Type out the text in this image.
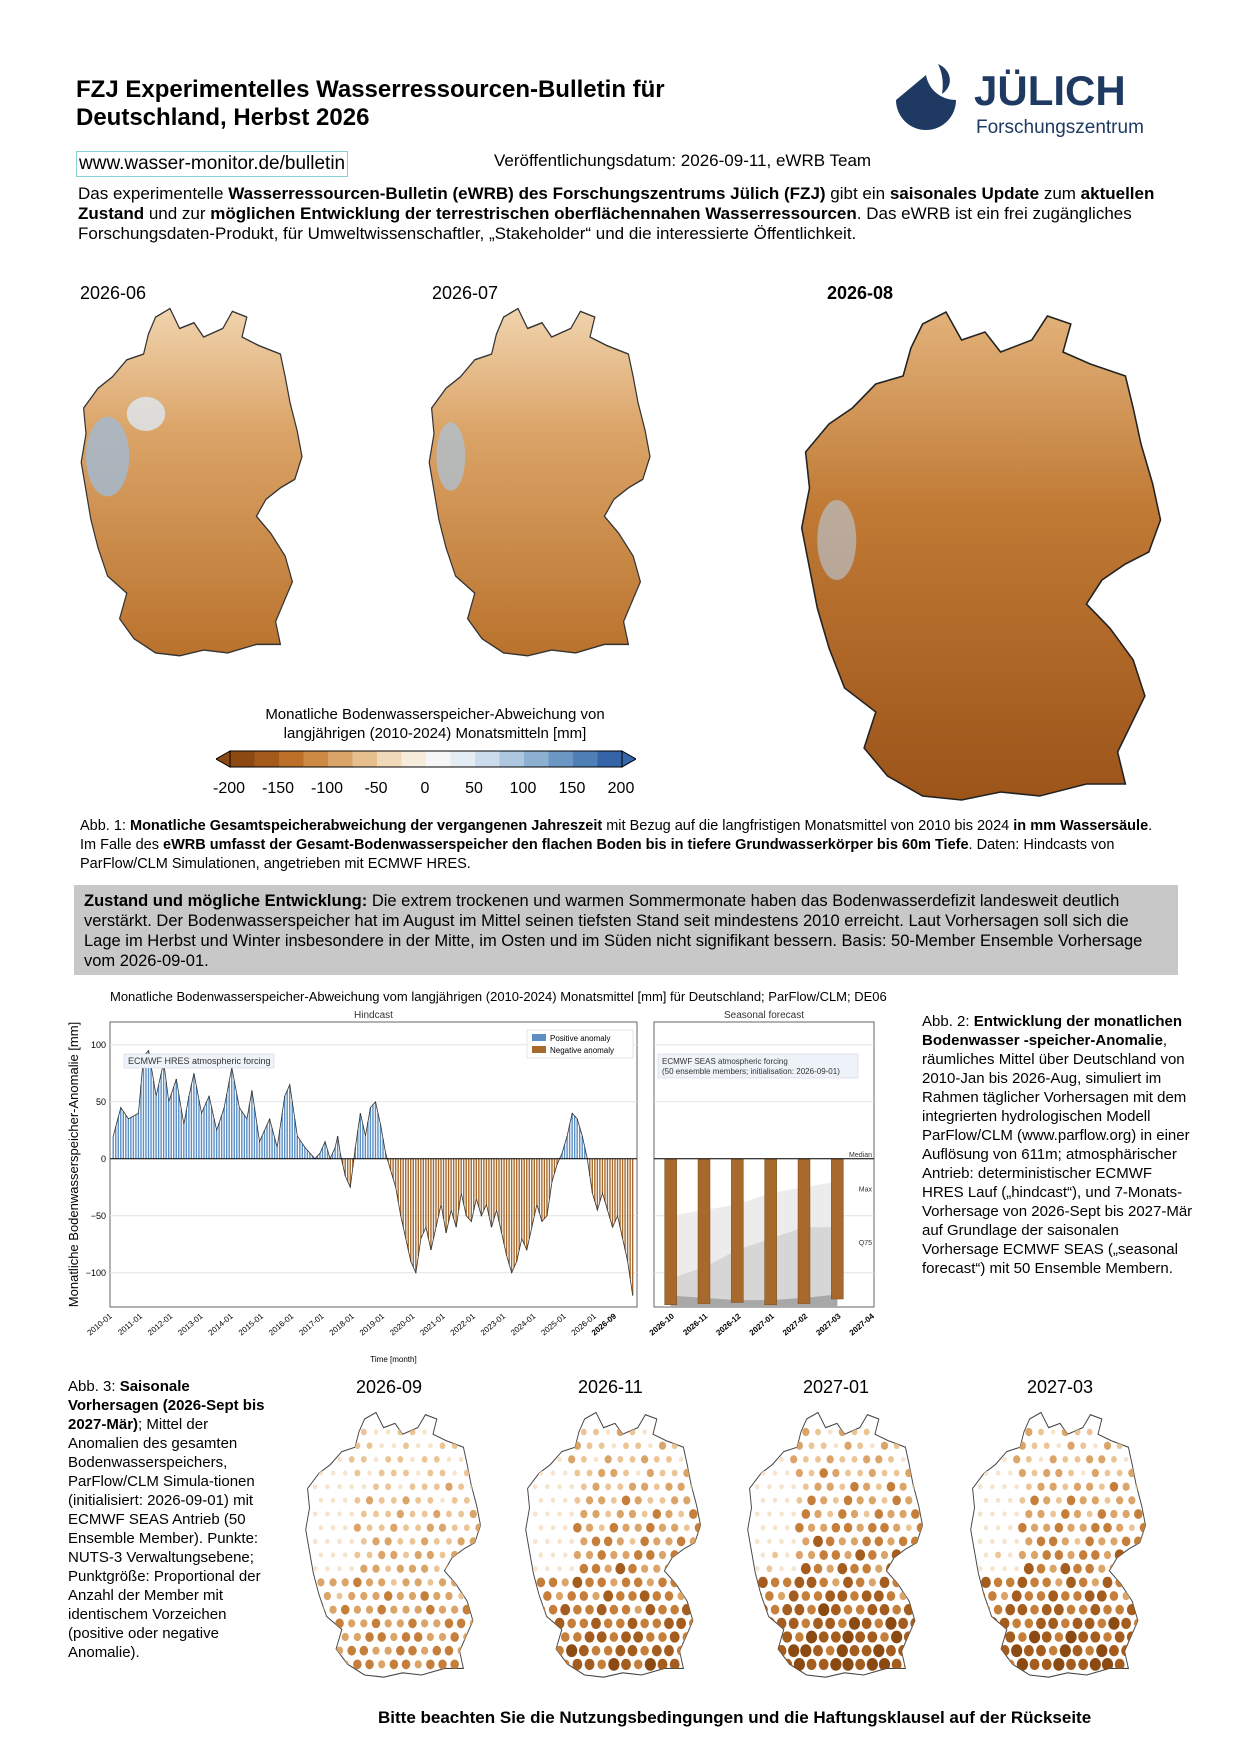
FZJ Experimentelles Wasserressourcen-Bulletin für
Deutschland, Herbst 2026
JÜLICH
Forschungszentrum
www.wasser-monitor.de/bulletin	Veröffentlichungsdatum: 2026-09-11, eWRB Team
Das experimentelle Wasserressourcen-Bulletin (eWRB) des Forschungszentrums Jülich (FZJ) gibt ein saisonales Update zum aktuellen Zustand und zur möglichen Entwicklung der terrestrischen oberflächennahen Wasserressourcen. Das eWRB ist ein frei zugängliches Forschungsdaten-Produkt, für Umweltwissenschaftler, „Stakeholder“ und die interessierte Öffentlichkeit.
2026-06	2026-07	2026-08
Monatliche Bodenwasserspeicher-Abweichung von
langjährigen (2010-2024) Monatsmitteln [mm]
-200 -150 -100	-50	0	50	100	150	200
Abb. 1: Monatliche Gesamtspeicherabweichung der vergangenen Jahreszeit mit Bezug auf die langfristigen Monatsmittel von 2010 bis 2024 in mm Wassersäule. Im Falle des eWRB umfasst der Gesamt-Bodenwasserspeicher den flachen Boden bis in tiefere Grundwasserkörper bis 60m Tiefe. Daten: Hindcasts von ParFlow/CLM Simulationen, angetrieben mit ECMWF HRES.
Zustand und mögliche Entwicklung: Die extrem trockenen und warmen Sommermonate haben das Bodenwasserdefizit landesweit deutlich verstärkt. Der Bodenwasserspeicher hat im August im Mittel seinen tiefsten Stand seit mindestens 2010 erreicht. Laut Vorhersagen soll sich die Lage im Herbst und Winter insbesondere in der Mitte, im Osten und im Süden nicht signifikant bessern. Basis: 50-Member Ensemble Vorhersage vom 2026-09-01.
Monatliche Bodenwasserspeicher-Abweichung vom langjährigen (2010-2024) Monatsmittel [mm] für Deutschland; ParFlow/CLM; DE06
Monatliche Bodenwasserspeicher-Anomalie [mm]
Hindcast
100
50
0
−50
−100
ECMWF HRES atmospheric forcing
Positive anomaly
Negative anomaly
2010-01 2011-01 2012-01 2013-01 2014-01 2015-01 2016-01 2017-01 2018-01 2019-01 2020-01 2021-01 2022-01 2023-01 2024-01 2025-01 2026-01
2026-09
Time [month]
Seasonal forecast
Median
Max
Q75
ECMWF SEAS atmospheric forcing
(50 ensemble members; initialisation: 2026-09-01)
2026-10 2026-11 2026-12 2027-01 2027-02 2027-03 2027-04
Abb. 2: Entwicklung der monatlichen Bodenwasser -speicher-Anomalie, räumliches Mittel über Deutschland von 2010-Jan bis 2026-Aug, simuliert im Rahmen täglicher Vorhersagen mit dem integrierten hydrologischen Modell ParFlow/CLM (www.parflow.org) in einer Auflösung von 611m; atmosphärischer Antrieb: deterministischer ECMWF HRES Lauf („hindcast“), und 7-Monats-Vorhersage von 2026-Sept bis 2027-Mär auf Grundlage der saisonalen Vorhersage ECMWF SEAS („seasonal forecast“) mit 50 Ensemble Membern.
Abb. 3: Saisonale Vorhersagen (2026-Sept bis 2027-Mär); Mittel der Anomalien des gesamten Bodenwasserspeichers, ParFlow/CLM Simula-tionen (initialisiert: 2026-09-01) mit ECMWF SEAS Antrieb (50 Ensemble Member). Punkte: NUTS-3 Verwaltungsebene; Punktgröße: Proportional der Anzahl der Member mit identischem Vorzeichen (positive oder negative Anomalie).
2026-09	2026-11	2027-01	2027-03
Bitte beachten Sie die Nutzungsbedingungen und die Haftungsklausel auf der Rückseite
